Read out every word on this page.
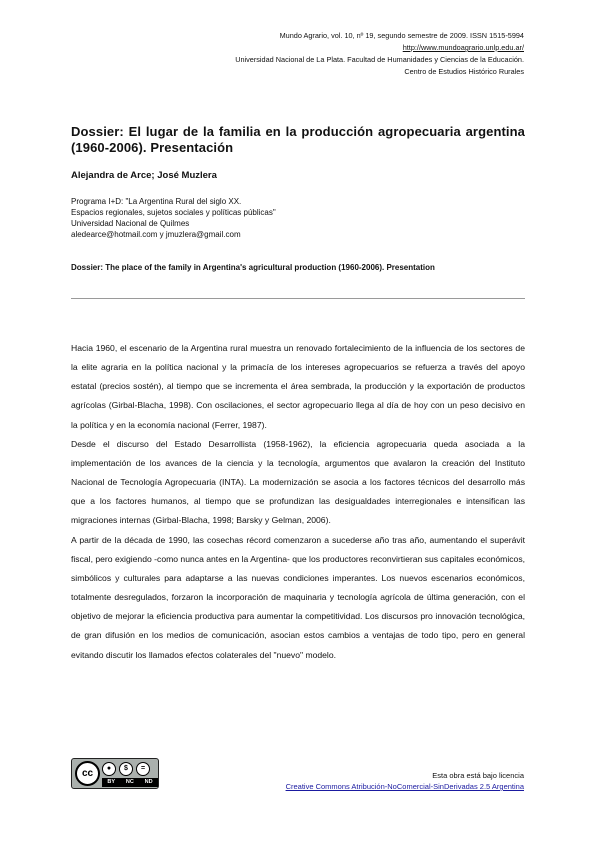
Mundo Agrario, vol. 10, nº 19, segundo semestre de 2009. ISSN 1515-5994
http://www.mundoagrario.unlp.edu.ar/
Universidad Nacional de La Plata. Facultad de Humanidades y Ciencias de la Educación.
Centro de Estudios Histórico Rurales
Dossier: El lugar de la familia en la producción agropecuaria argentina (1960-2006). Presentación
Alejandra de Arce; José Muzlera
Programa I+D: "La Argentina Rural del siglo XX.
Espacios regionales, sujetos sociales y políticas públicas"
Universidad Nacional de Quilmes
aledearce@hotmail.com y jmuzlera@gmail.com
Dossier: The place of the family in Argentina's agricultural production (1960-2006). Presentation

Hacia 1960, el escenario de la Argentina rural muestra un renovado fortalecimiento de la influencia de los sectores de la elite agraria en la política nacional y la primacía de los intereses agropecuarios se refuerza a través del apoyo estatal (precios sostén), al tiempo que se incrementa el área sembrada, la producción y la exportación de productos agrícolas (Girbal-Blacha, 1998). Con oscilaciones, el sector agropecuario llega al día de hoy con un peso decisivo en la política y en la economía nacional (Ferrer, 1987).

Desde el discurso del Estado Desarrollista (1958-1962), la eficiencia agropecuaria queda asociada a la implementación de los avances de la ciencia y la tecnología, argumentos que avalaron la creación del Instituto Nacional de Tecnología Agropecuaria (INTA). La modernización se asocia a los factores técnicos del desarrollo más que a los factores humanos, al tiempo que se profundizan las desigualdades interregionales e intensifican las migraciones internas (Girbal-Blacha, 1998; Barsky y Gelman, 2006).

A partir de la década de 1990, las cosechas récord comenzaron a sucederse año tras año, aumentando el superávit fiscal, pero exigiendo -como nunca antes en la Argentina- que los productores reconvirtieran sus capitales económicos, simbólicos y culturales para adaptarse a las nuevas condiciones imperantes. Los nuevos escenarios económicos, totalmente desregulados, forzaron la incorporación de maquinaria y tecnología agrícola de última generación, con el objetivo de mejorar la eficiencia productiva para aumentar la competitividad. Los discursos pro innovación tecnológica, de gran difusión en los medios de comunicación, asocian estos cambios a ventajas de todo tipo, pero en general evitando discutir los llamados efectos colaterales del "nuevo" modelo.

cc	●	$	=
BY NC ND
Esta obra está bajo licencia
Creative Commons Atribución-NoComercial-SinDerivadas 2.5 Argentina
